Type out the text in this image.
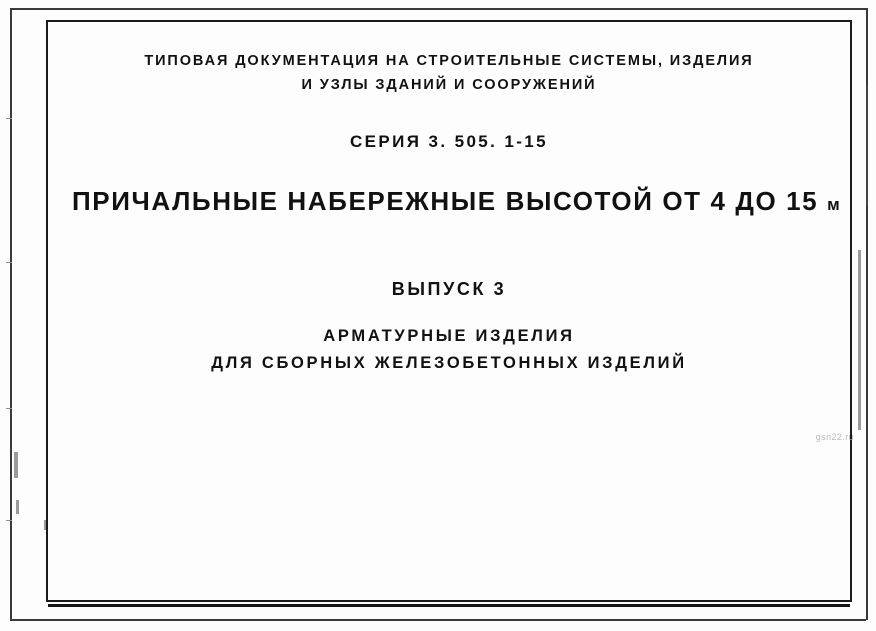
ТИПОВАЯ ДОКУМЕНТАЦИЯ НА СТРОИТЕЛЬНЫЕ СИСТЕМЫ, ИЗДЕЛИЯ
И УЗЛЫ ЗДАНИЙ И СООРУЖЕНИЙ
СЕРИЯ 3. 505. 1-15
ПРИЧАЛЬНЫЕ НАБЕРЕЖНЫЕ ВЫСОТОЙ ОТ 4 ДО 15 м
ВЫПУСК 3
АРМАТУРНЫЕ ИЗДЕЛИЯ
ДЛЯ СБОРНЫХ ЖЕЛЕЗОБЕТОННЫХ ИЗДЕЛИЙ
gsn22.ru
